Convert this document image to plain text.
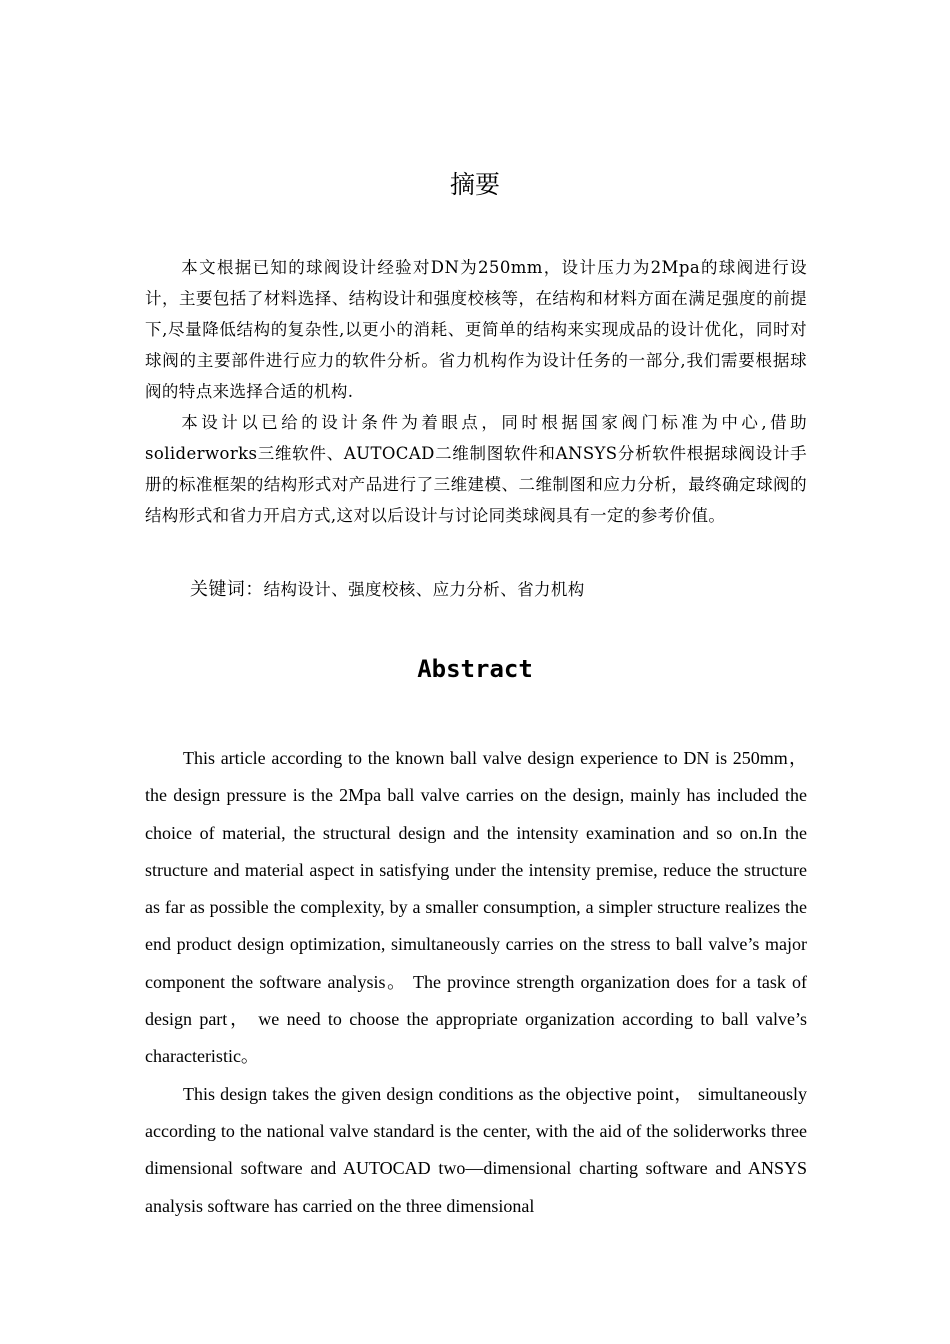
摘要

本文根据已知的球阀设计经验对DN为250mm，设计压力为2Mpa的球阀进行设计，主要包括了材料选择、结构设计和强度校核等，在结构和材料方面在满足强度的前提下,尽量降低结构的复杂性,以更小的消耗、更简单的结构来实现成品的设计优化，同时对球阀的主要部件进行应力的软件分析。省力机构作为设计任务的一部分,我们需要根据球阀的特点来选择合适的机构.

本设计以已给的设计条件为着眼点，同时根据国家阀门标准为中心,借助soliderworks三维软件、AUTOCAD二维制图软件和ANSYS分析软件根据球阀设计手册的标准框架的结构形式对产品进行了三维建模、二维制图和应力分析，最终确定球阀的结构形式和省力开启方式,这对以后设计与讨论同类球阀具有一定的参考价值。

关键词：结构设计、强度校核、应力分析、省力机构
Abstract

This article according to the known ball valve design experience to DN is 250mm， the design pressure is the 2Mpa ball valve carries on the design, mainly has included the choice of material, the structural design and the intensity examination and so on.In the structure and material aspect in satisfying under the intensity premise, reduce the structure as far as possible the complexity, by a smaller consumption, a simpler structure realizes the end product design optimization, simultaneously carries on the stress to ball valve’s major component the software analysis。 The province strength organization does for a task of design part， we need to choose the appropriate organization according to ball valve’s characteristic。

This design takes the given design conditions as the objective point， simultaneously according to the national valve standard is the center, with the aid of the soliderworks three dimensional software and AUTOCAD two—dimensional charting software and ANSYS analysis software has carried on the three dimensional
